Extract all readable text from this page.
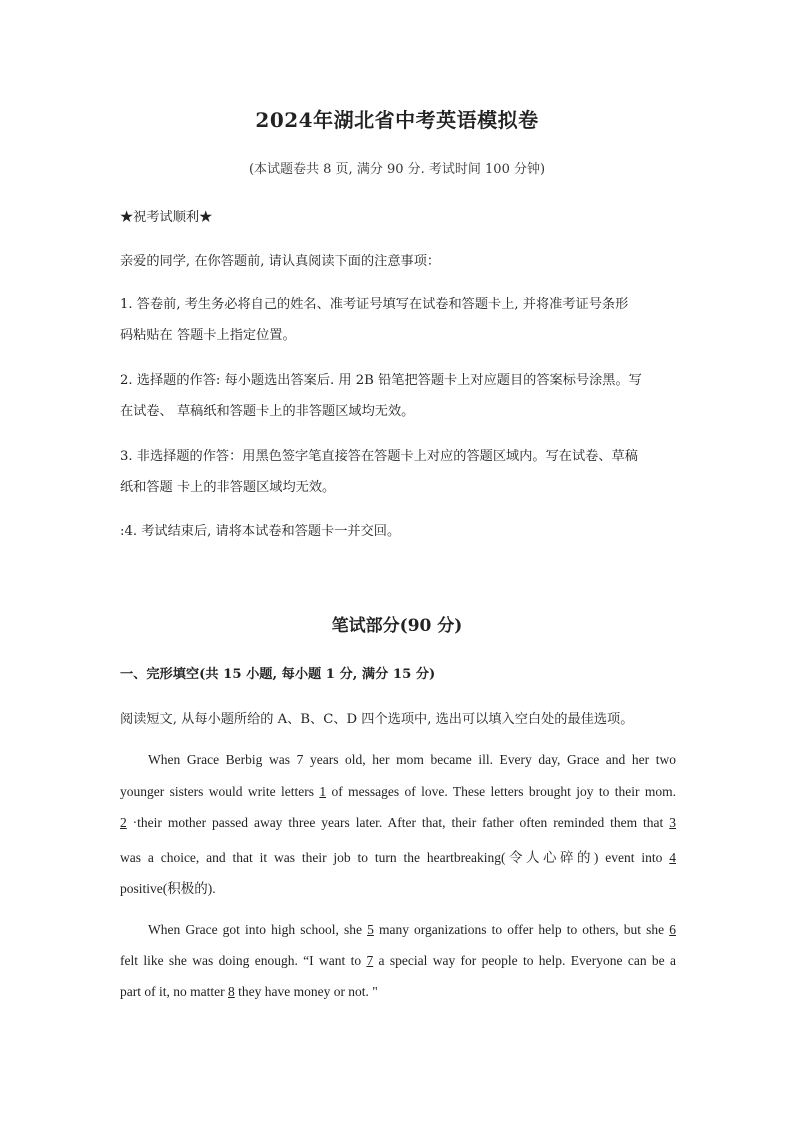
2024年湖北省中考英语模拟卷
(本试题卷共 8 页, 满分 90 分. 考试时间 100 分钟)
★祝考试顺利★
亲爱的同学, 在你答题前, 请认真阅读下面的注意事项：
1. 答卷前, 考生务必将自己的姓名、准考证号填写在试卷和答题卡上, 并将准考证号条形
码粘贴在 答题卡上指定位置。
2. 选择题的作答: 每小题选出答案后. 用 2B 铅笔把答题卡上对应题目的答案标号涂黑。写
在试卷、 草稿纸和答题卡上的非答题区域均无效。
3. 非选择题的作答：用黑色签字笔直接答在答题卡上对应的答题区域内。写在试卷、草稿
纸和答题 卡上的非答题区域均无效。
:4. 考试结束后, 请将本试卷和答题卡一并交回。
笔试部分(90 分)
一、完形填空(共 15 小题, 每小题 1 分, 满分 15 分)
阅读短文, 从每小题所给的 A、B、C、D 四个选项中, 选出可以填入空白处的最佳选项。
When Grace Berbig was 7 years old, her mom became ill. Every day, Grace and her two
younger sisters would write letters 1 of messages of love. These letters brought joy to their mom.
2 ·their mother passed away three years later. After that, their father often reminded them that 3
was a choice, and that it was their job to turn the heartbreaking(令人心碎的) event into 4
positive(积极的).
When Grace got into high school, she 5 many organizations to offer help to others, but she 6
felt like she was doing enough. “I want to 7 a special way for people to help. Everyone can be a
part of it, no matter 8 they have money or not. "
